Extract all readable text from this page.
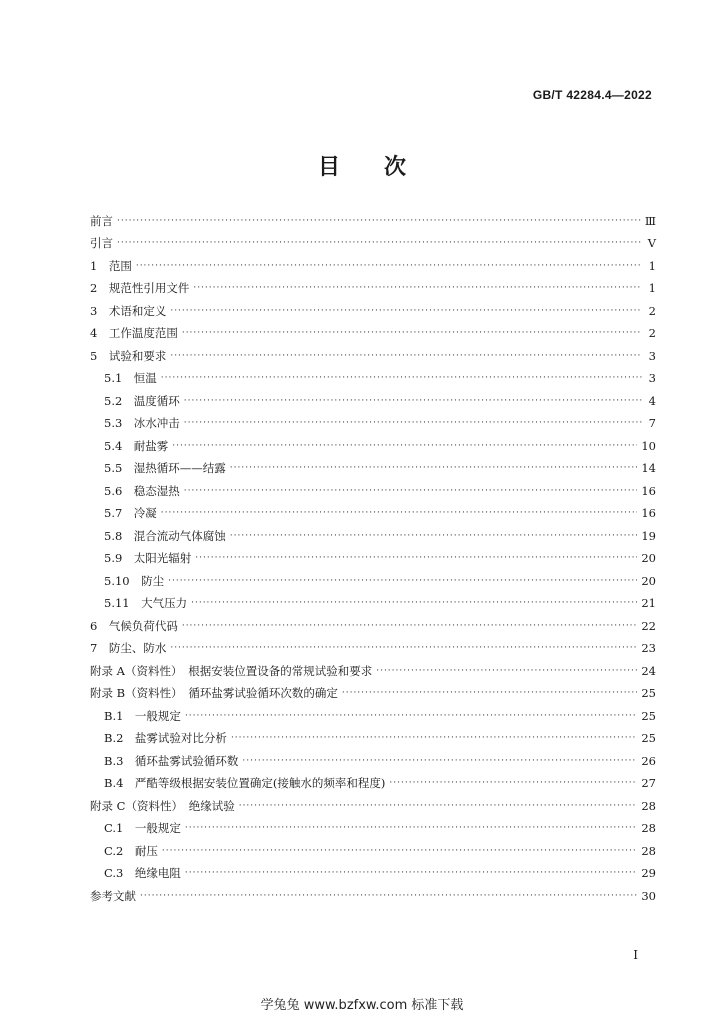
GB/T 42284.4—2022
目　　次
前言 ·····	Ⅲ
引言 ·····	Ⅴ
1　范围 ·····	1
2　规范性引用文件 ·····	1
3　术语和定义 ·····	2
4　工作温度范围 ·····	2
5　试验和要求 ·····	3
5.1　恒温 ·····	3
5.2　温度循环 ·····	4
5.3　冰水冲击 ·····	7
5.4　耐盐雾 ·····	10
5.5　湿热循环——结露 ·····	14
5.6　稳态湿热 ·····	16
5.7　冷凝 ·····	16
5.8　混合流动气体腐蚀 ·····	19
5.9　太阳光辐射 ·····	20
5.10　防尘 ·····	20
5.11　大气压力 ·····	21
6　气候负荷代码 ·····	22
7　防尘、防水 ·····	23
附录 A（资料性）　根据安装位置设备的常规试验和要求 ·····	24
附录 B（资料性）　循环盐雾试验循环次数的确定 ·····	25
B.1　一般规定 ·····	25
B.2　盐雾试验对比分析 ·····	25
B.3　循环盐雾试验循环数 ·····	26
B.4　严酷等级根据安装位置确定(接触水的频率和程度) ·····	27
附录 C（资料性）　绝缘试验 ·····	28
C.1　一般规定 ·····	28
C.2　耐压 ·····	28
C.3　绝缘电阻 ·····	29
参考文献 ·····	30
I
学兔兔 www.bzfxw.com 标准下载
